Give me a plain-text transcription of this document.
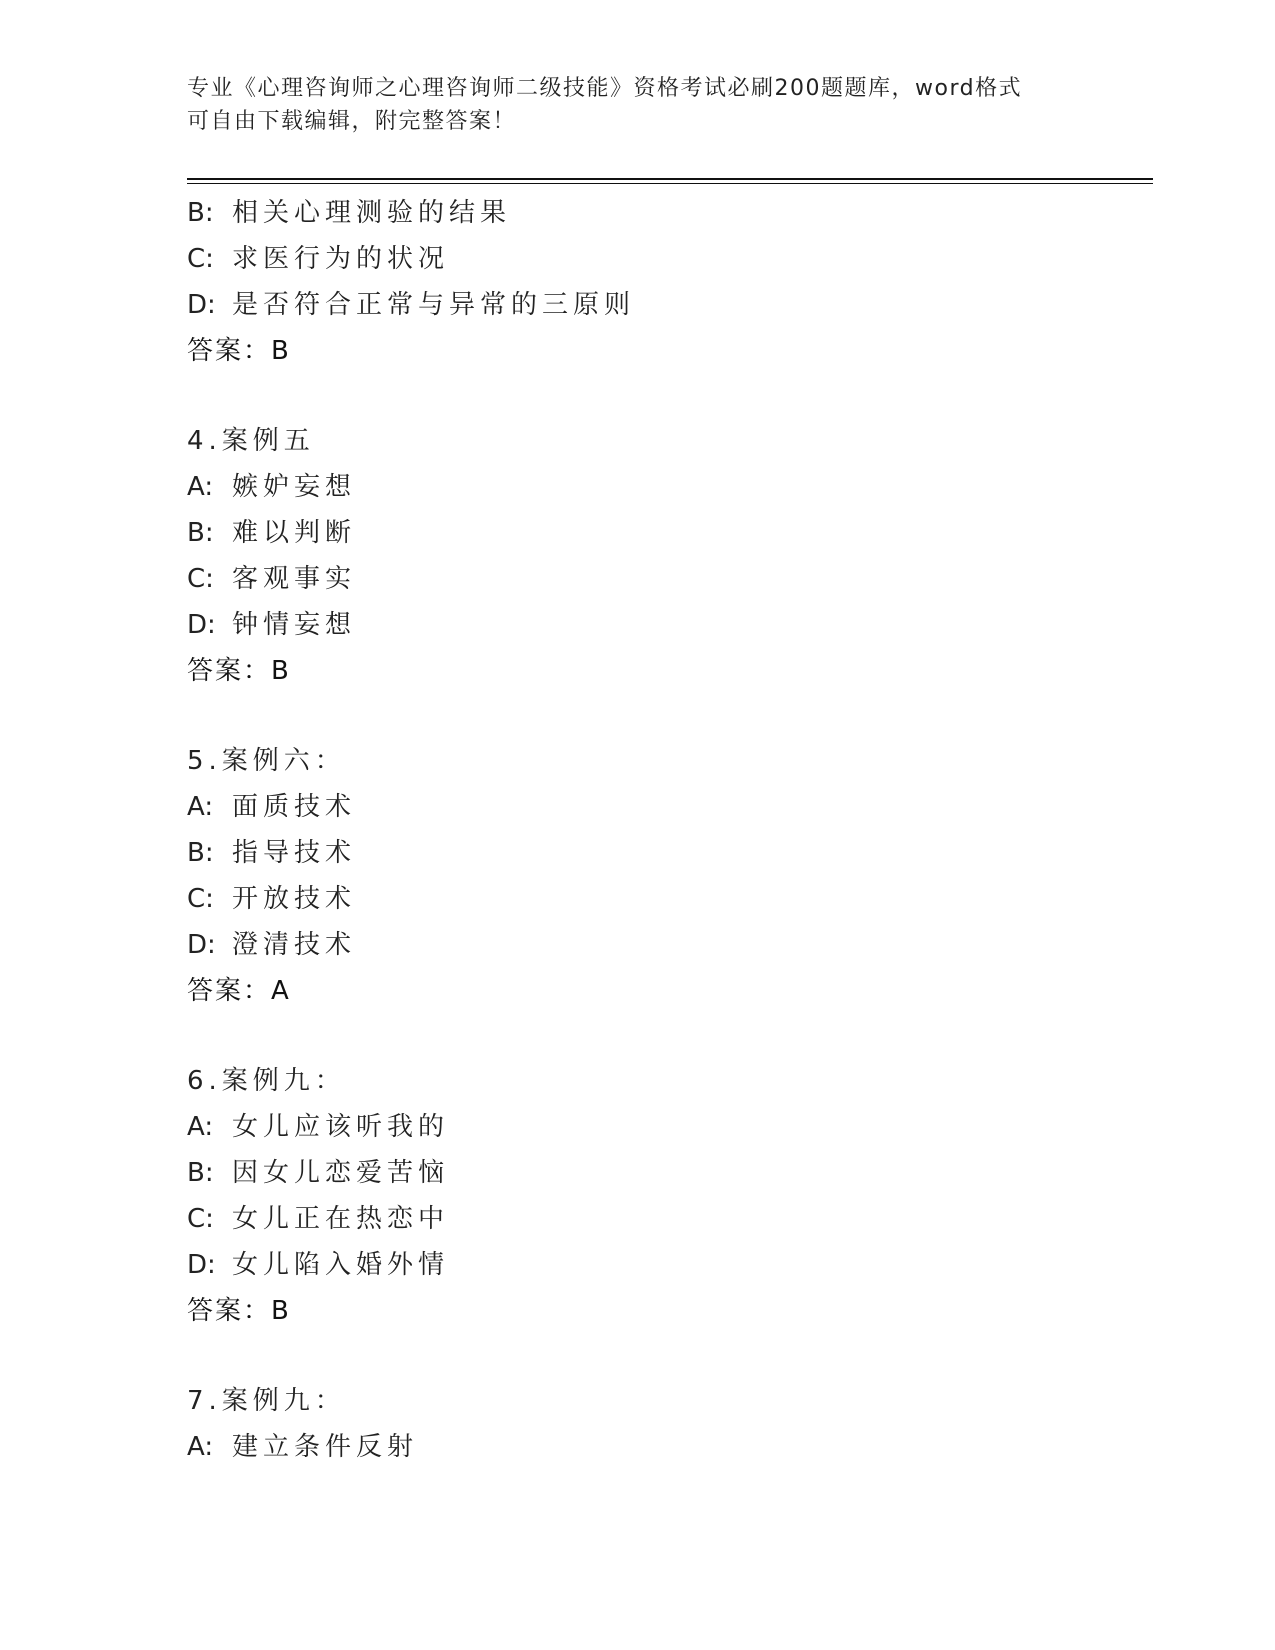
专业《心理咨询师之心理咨询师二级技能》资格考试必刷200题题库，word格式
可自由下载编辑，附完整答案！
B: 相关心理测验的结果
C: 求医行为的状况
D: 是否符合正常与异常的三原则
答案：B
4.案例五
A: 嫉妒妄想
B: 难以判断
C: 客观事实
D: 钟情妄想
答案：B
5.案例六：
A: 面质技术
B: 指导技术
C: 开放技术
D: 澄清技术
答案：A
6.案例九：
A: 女儿应该听我的
B: 因女儿恋爱苦恼
C: 女儿正在热恋中
D: 女儿陷入婚外情
答案：B
7.案例九：
A: 建立条件反射
